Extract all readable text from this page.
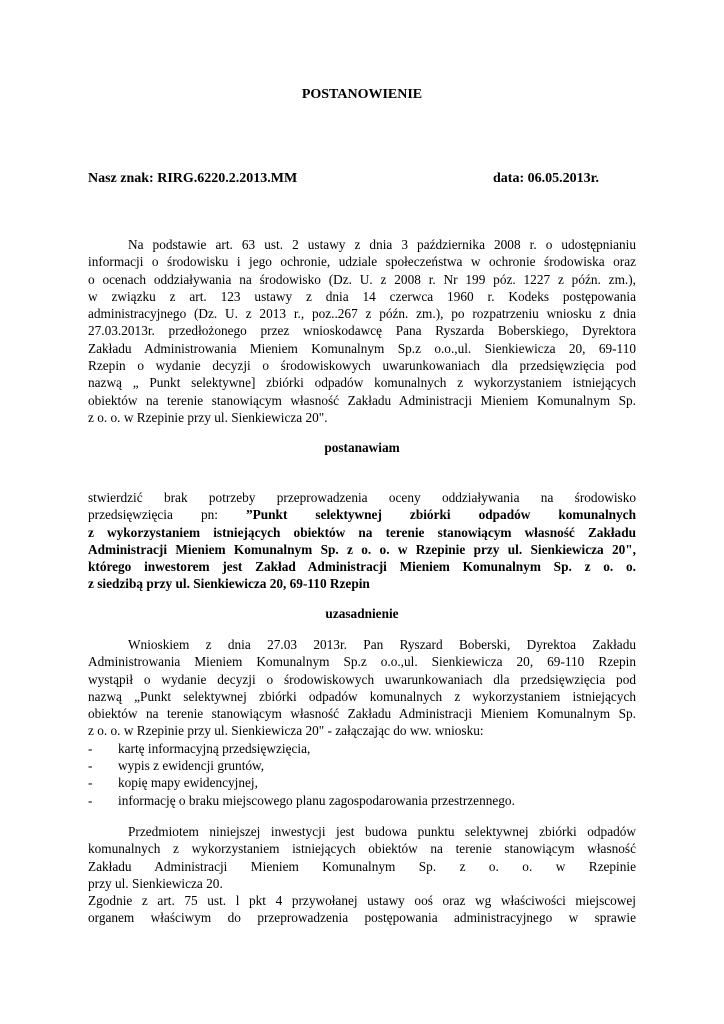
POSTANOWIENIE
Nasz znak: RIRG.6220.2.2013.MM	data: 06.05.2013r.
Na podstawie art. 63 ust. 2 ustawy z dnia 3 października 2008 r. o udostępnianiu
informacji o środowisku i jego ochronie, udziale społeczeństwa w ochronie środowiska oraz
o ocenach oddziaływania na środowisko (Dz. U. z 2008 r. Nr 199 póz. 1227 z późn. zm.),
w związku z art. 123 ustawy z dnia 14 czerwca 1960 r. Kodeks postępowania
administracyjnego (Dz. U. z 2013 r., poz..267 z późn. zm.), po rozpatrzeniu wniosku z dnia
27.03.2013r. przedłożonego przez wnioskodawcę Pana Ryszarda Boberskiego, Dyrektora
Zakładu Administrowania Mieniem Komunalnym Sp.z o.o.,ul. Sienkiewicza 20, 69-110
Rzepin o wydanie decyzji o środowiskowych uwarunkowaniach dla przedsięwzięcia pod
nazwą „ Punkt selektywne] zbiórki odpadów komunalnych z wykorzystaniem istniejących
obiektów na terenie stanowiącym własność Zakładu Administracji Mieniem Komunalnym Sp.
z o. o. w Rzepinie przy ul. Sienkiewicza 20".
postanawiam
stwierdzić brak potrzeby przeprowadzenia oceny oddziaływania na środowisko
przedsięwzięcia pn: ”Punkt selektywnej zbiórki odpadów komunalnych
z wykorzystaniem istniejących obiektów na terenie stanowiącym własność Zakładu
Administracji Mieniem Komunalnym Sp. z o. o. w Rzepinie przy ul. Sienkiewicza 20",
którego inwestorem jest Zakład Administracji Mieniem Komunalnym Sp. z o. o.
z siedzibą przy ul. Sienkiewicza 20, 69-110 Rzepin
uzasadnienie
Wnioskiem z dnia 27.03 2013r. Pan Ryszard Boberski, Dyrektoa Zakładu
Administrowania Mieniem Komunalnym Sp.z o.o.,ul. Sienkiewicza 20, 69-110 Rzepin
wystąpił o wydanie decyzji o środowiskowych uwarunkowaniach dla przedsięwzięcia pod
nazwą „Punkt selektywnej zbiórki odpadów komunalnych z wykorzystaniem istniejących
obiektów na terenie stanowiącym własność Zakładu Administracji Mieniem Komunalnym Sp.
z o. o. w Rzepinie przy ul. Sienkiewicza 20" - załączając do ww. wniosku:
- kartę informacyjną przedsięwzięcia,
- wypis z ewidencji gruntów,
- kopię mapy ewidencyjnej,
- informację o braku miejscowego planu zagospodarowania przestrzennego.
Przedmiotem niniejszej inwestycji jest budowa punktu selektywnej zbiórki odpadów
komunalnych z wykorzystaniem istniejących obiektów na terenie stanowiącym własność
Zakładu Administracji Mieniem Komunalnym Sp. z o. o. w Rzepinie
przy ul. Sienkiewicza 20.
Zgodnie z art. 75 ust. l pkt 4 przywołanej ustawy ooś oraz wg właściwości miejscowej
organem właściwym do przeprowadzenia postępowania administracyjnego w sprawie
